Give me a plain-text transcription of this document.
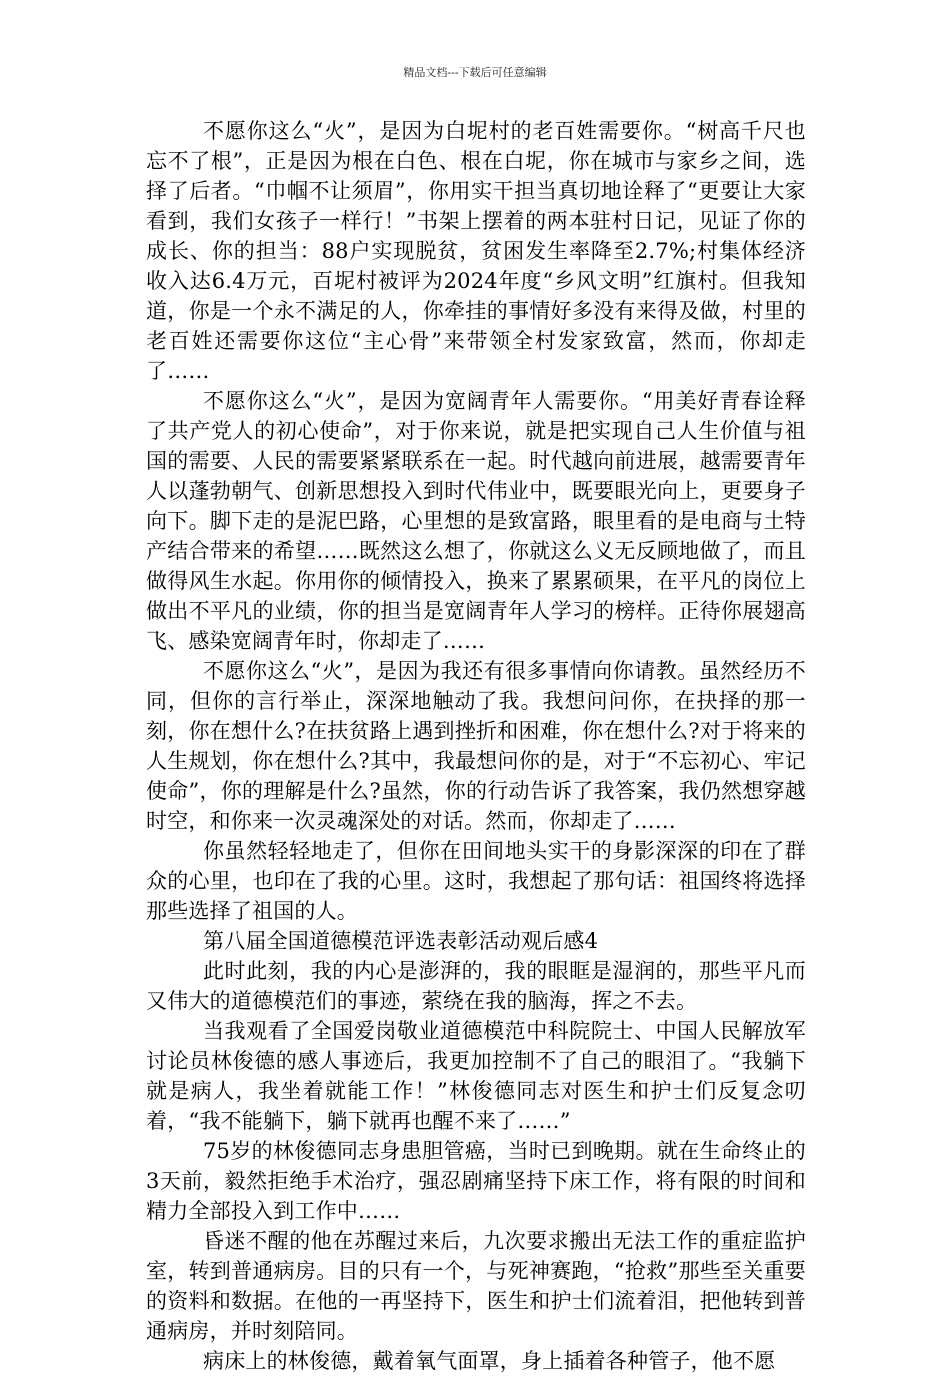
精品文档---下载后可任意编辑

不愿你这么“火”，是因为白坭村的老百姓需要你。“树高千尺也忘不了根”，正是因为根在白色、根在白坭，你在城市与家乡之间，选择了后者。“巾帼不让须眉”，你用实干担当真切地诠释了“更要让大家看到，我们女孩子一样行！”书架上摆着的两本驻村日记，见证了你的成长、你的担当：88户实现脱贫，贫困发生率降至2.7%;村集体经济收入达6.4万元，百坭村被评为2024年度“乡风文明”红旗村。但我知道，你是一个永不满足的人，你牵挂的事情好多没有来得及做，村里的老百姓还需要你这位“主心骨”来带领全村发家致富，然而，你却走了……

不愿你这么“火”，是因为宽阔青年人需要你。“用美好青春诠释了共产党人的初心使命”，对于你来说，就是把实现自己人生价值与祖国的需要、人民的需要紧紧联系在一起。时代越向前进展，越需要青年人以蓬勃朝气、创新思想投入到时代伟业中，既要眼光向上，更要身子向下。脚下走的是泥巴路，心里想的是致富路，眼里看的是电商与土特产结合带来的希望……既然这么想了，你就这么义无反顾地做了，而且做得风生水起。你用你的倾情投入，换来了累累硕果，在平凡的岗位上做出不平凡的业绩，你的担当是宽阔青年人学习的榜样。正待你展翅高飞、感染宽阔青年时，你却走了……

不愿你这么“火”，是因为我还有很多事情向你请教。虽然经历不同，但你的言行举止，深深地触动了我。我想问问你，在抉择的那一刻，你在想什么?在扶贫路上遇到挫折和困难，你在想什么?对于将来的人生规划，你在想什么?其中，我最想问你的是，对于“不忘初心、牢记使命”，你的理解是什么?虽然，你的行动告诉了我答案，我仍然想穿越时空，和你来一次灵魂深处的对话。然而，你却走了……

你虽然轻轻地走了，但你在田间地头实干的身影深深的印在了群众的心里，也印在了我的心里。这时，我想起了那句话：祖国终将选择那些选择了祖国的人。

第八届全国道德模范评选表彰活动观后感4

此时此刻，我的内心是澎湃的，我的眼眶是湿润的，那些平凡而又伟大的道德模范们的事迹，萦绕在我的脑海，挥之不去。

当我观看了全国爱岗敬业道德模范中科院院士、中国人民解放军讨论员林俊德的感人事迹后，我更加控制不了自己的眼泪了。“我躺下就是病人，我坐着就能工作！”林俊德同志对医生和护士们反复念叨着，“我不能躺下，躺下就再也醒不来了……”

75岁的林俊德同志身患胆管癌，当时已到晚期。就在生命终止的3天前，毅然拒绝手术治疗，强忍剧痛坚持下床工作，将有限的时间和精力全部投入到工作中……

昏迷不醒的他在苏醒过来后，九次要求搬出无法工作的重症监护室，转到普通病房。目的只有一个，与死神赛跑，“抢救”那些至关重要的资料和数据。在他的一再坚持下，医生和护士们流着泪，把他转到普通病房，并时刻陪同。

病床上的林俊德，戴着氧气面罩，身上插着各种管子，他不愿
